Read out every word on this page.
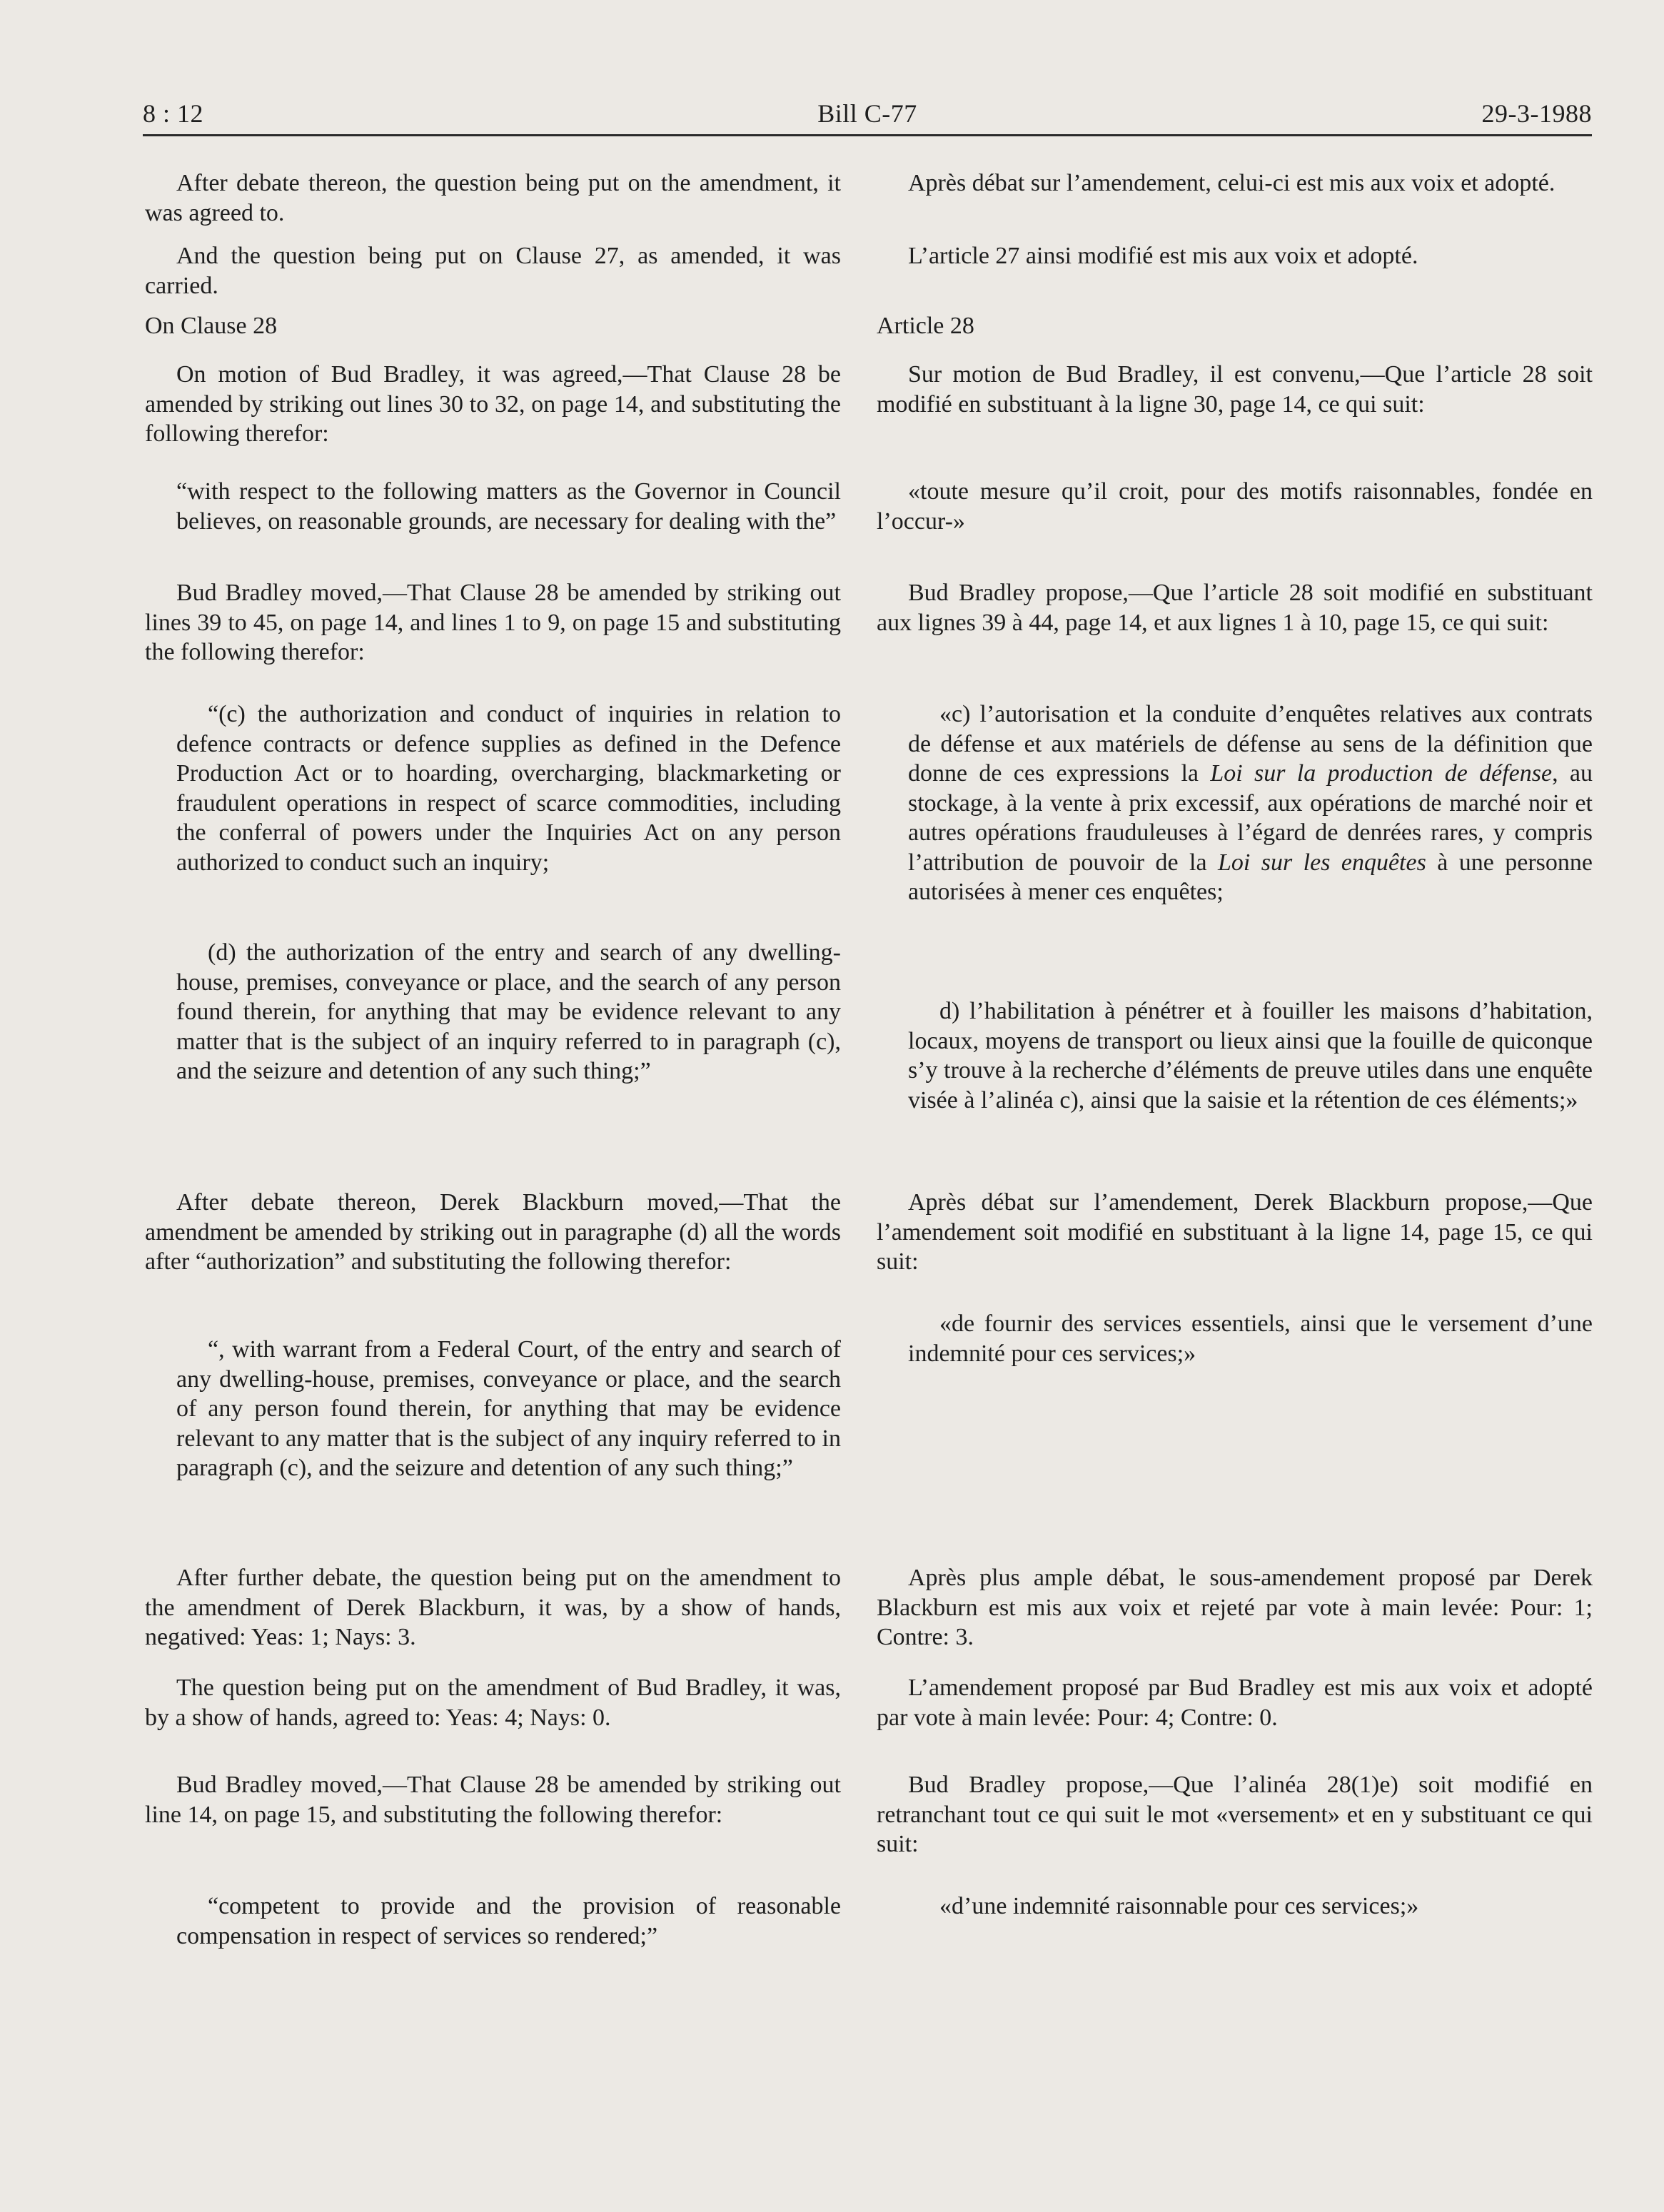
8 : 12	Bill C-77	29-3-1988

After debate thereon, the question being put on the amendment, it was agreed to.

And the question being put on Clause 27, as amended, it was carried.

On Clause 28

On motion of Bud Bradley, it was agreed,—That Clause 28 be amended by striking out lines 30 to 32, on page 14, and substituting the following therefor:

“with respect to the following matters as the Governor in Council believes, on reasonable grounds, are necessary for dealing with the”

Bud Bradley moved,—That Clause 28 be amended by striking out lines 39 to 45, on page 14, and lines 1 to 9, on page 15 and substituting the following therefor:

“(c) the authorization and conduct of inquiries in relation to defence contracts or defence supplies as defined in the Defence Production Act or to hoarding, overcharging, blackmarketing or fraudulent operations in respect of scarce commodities, including the conferral of powers under the Inquiries Act on any person authorized to conduct such an inquiry;

(d) the authorization of the entry and search of any dwelling-house, premises, conveyance or place, and the search of any person found therein, for anything that may be evidence relevant to any matter that is the subject of an inquiry referred to in paragraph (c), and the seizure and detention of any such thing;”

After debate thereon, Derek Blackburn moved,—That the amendment be amended by striking out in paragraphe (d) all the words after “authorization” and substituting the following therefor:

“, with warrant from a Federal Court, of the entry and search of any dwelling-house, premises, conveyance or place, and the search of any person found therein, for anything that may be evidence relevant to any matter that is the subject of any inquiry referred to in paragraph (c), and the seizure and detention of any such thing;”

After further debate, the question being put on the amendment to the amendment of Derek Blackburn, it was, by a show of hands, negatived: Yeas: 1; Nays: 3.

The question being put on the amendment of Bud Bradley, it was, by a show of hands, agreed to: Yeas: 4; Nays: 0.

Bud Bradley moved,—That Clause 28 be amended by striking out line 14, on page 15, and substituting the following therefor:

“competent to provide and the provision of reasonable compensation in respect of services so rendered;”

Après débat sur l’amendement, celui-ci est mis aux voix et adopté.

L’article 27 ainsi modifié est mis aux voix et adopté.

Article 28

Sur motion de Bud Bradley, il est convenu,—Que l’article 28 soit modifié en substituant à la ligne 30, page 14, ce qui suit:

«toute mesure qu’il croit, pour des motifs raisonnables, fondée en l’occur-»

Bud Bradley propose,—Que l’article 28 soit modifié en substituant aux lignes 39 à 44, page 14, et aux lignes 1 à 10, page 15, ce qui suit:

«c) l’autorisation et la conduite d’enquêtes relatives aux contrats de défense et aux matériels de défense au sens de la définition que donne de ces expressions la Loi sur la production de défense, au stockage, à la vente à prix excessif, aux opérations de marché noir et autres opérations frauduleuses à l’égard de denrées rares, y compris l’attribution de pouvoir de la Loi sur les enquêtes à une personne autorisées à mener ces enquêtes;

d) l’habilitation à pénétrer et à fouiller les maisons d’habitation, locaux, moyens de transport ou lieux ainsi que la fouille de quiconque s’y trouve à la recherche d’éléments de preuve utiles dans une enquête visée à l’alinéa c), ainsi que la saisie et la rétention de ces éléments;»

Après débat sur l’amendement, Derek Blackburn propose,—Que l’amendement soit modifié en substituant à la ligne 14, page 15, ce qui suit:

«de fournir des services essentiels, ainsi que le versement d’une indemnité pour ces services;»

Après plus ample débat, le sous-amendement proposé par Derek Blackburn est mis aux voix et rejeté par vote à main levée: Pour: 1; Contre: 3.

L’amendement proposé par Bud Bradley est mis aux voix et adopté par vote à main levée: Pour: 4; Contre: 0.

Bud Bradley propose,—Que l’alinéa 28(1)e) soit modifié en retranchant tout ce qui suit le mot «versement» et en y substituant ce qui suit:

«d’une indemnité raisonnable pour ces services;»
